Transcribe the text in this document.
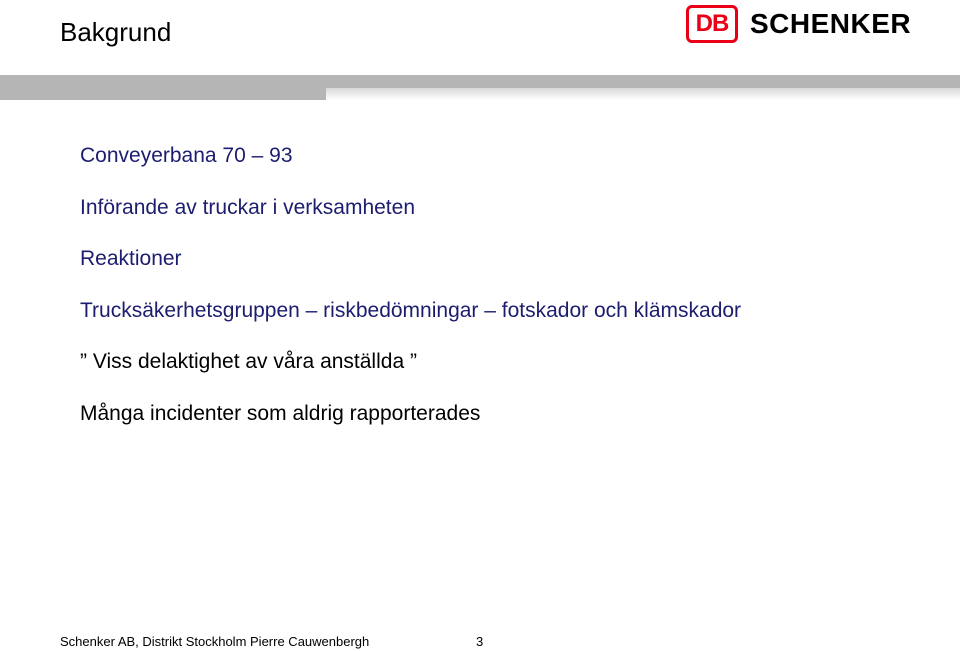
Bakgrund	DB SCHENKER
Conveyerbana 70 – 93
Införande av truckar i verksamheten
Reaktioner
Trucksäkerhetsgruppen – riskbedömningar – fotskador och klämskador
” Viss delaktighet av våra anställda ”
Många incidenter som aldrig rapporterades
Schenker AB, Distrikt Stockholm Pierre Cauwenbergh	3
